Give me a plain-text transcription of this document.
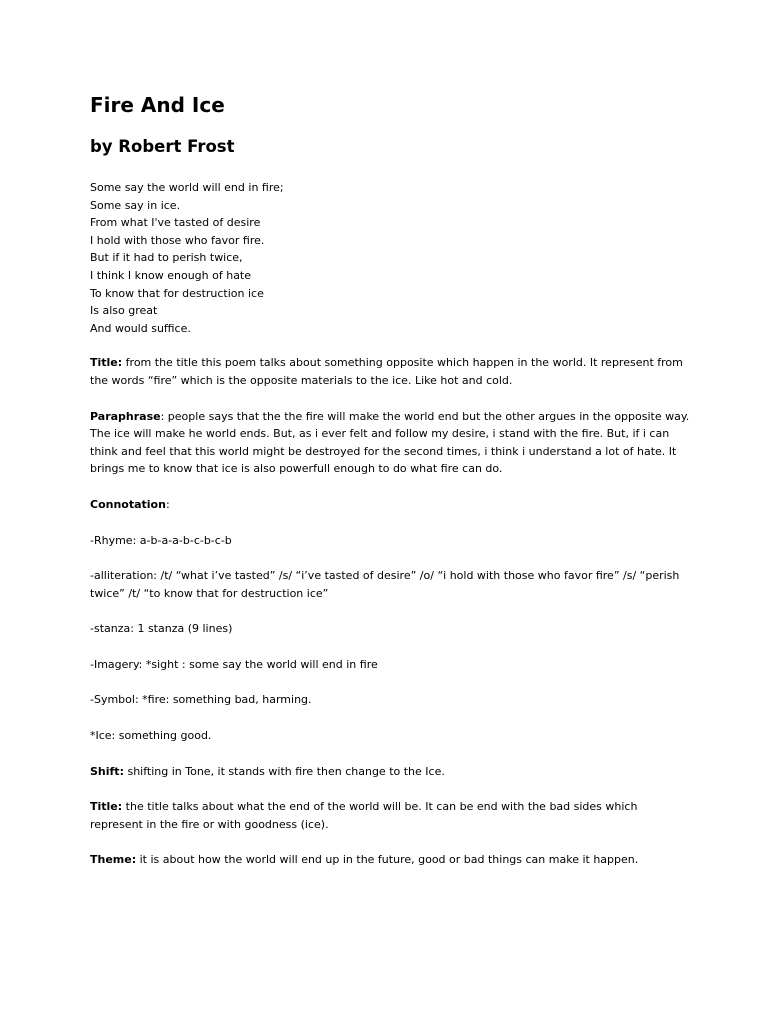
Fire And Ice
by Robert Frost
Some say the world will end in fire;
Some say in ice.
From what I've tasted of desire
I hold with those who favor fire.
But if it had to perish twice,
I think I know enough of hate
To know that for destruction ice
Is also great
And would suffice.

Title: from the title this poem talks about something opposite which happen in the world. It represent from the words “fire” which is the opposite materials to the ice. Like hot and cold.

Paraphrase: people says that the the fire will make the world end but the other argues in the opposite way. The ice will make he world ends. But, as i ever felt and follow my desire, i stand with the fire. But, if i can think and feel that this world might be destroyed for the second times, i think i understand a lot of hate. It brings me to know that ice is also powerfull enough to do what fire can do.

Connotation:

-Rhyme: a-b-a-a-b-c-b-c-b

-alliteration: /t/ “what i’ve tasted” /s/ “i’ve tasted of desire” /o/ “i hold with those who favor fire” /s/ “perish twice” /t/ “to know that for destruction ice”

-stanza: 1 stanza (9 lines)

-Imagery: *sight : some say the world will end in fire

-Symbol: *fire: something bad, harming.

*Ice: something good.

Shift: shifting in Tone, it stands with fire then change to the Ice.

Title: the title talks about what the end of the world will be. It can be end with the bad sides which represent in the fire or with goodness (ice).

Theme: it is about how the world will end up in the future, good or bad things can make it happen.
